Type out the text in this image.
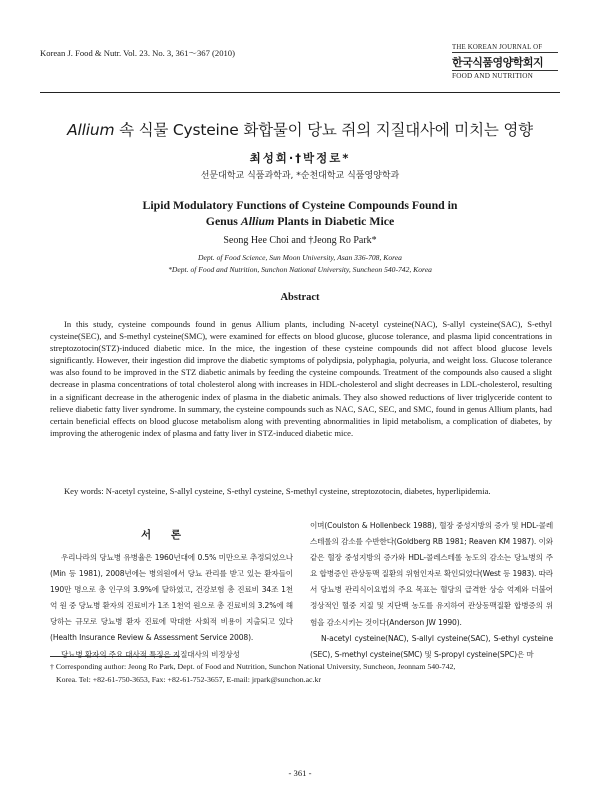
Korean J. Food & Nutr. Vol. 23. No. 3, 361～367 (2010)
THE KOREAN JOURNAL OF
한국식품영양학회지
FOOD AND NUTRITION
Allium 속 식물 Cysteine 화합물이 당뇨 쥐의 지질대사에 미치는 영향
최성희·†박정로*
선문대학교 식품과학과, *순천대학교 식품영양학과
Lipid Modulatory Functions of Cysteine Compounds Found in
Genus Allium Plants in Diabetic Mice
Seong Hee Choi and †Jeong Ro Park*
Dept. of Food Science, Sun Moon University, Asan 336-708, Korea
*Dept. of Food and Nutrition, Sunchon National University, Suncheon 540-742, Korea
Abstract
In this study, cysteine compounds found in genus Allium plants, including N-acetyl cysteine(NAC), S-allyl cysteine(SAC), S-ethyl cysteine(SEC), and S-methyl cysteine(SMC), were examined for effects on blood glucose, glucose tolerance, and plasma lipid concentrations in streptozotocin(STZ)-induced diabetic mice. In the mice, the ingestion of these cysteine compounds did not affect blood glucose levels significantly. However, their ingestion did improve the diabetic symptoms of polydipsia, polyphagia, polyuria, and weight loss. Glucose tolerance was also found to be improved in the STZ diabetic animals by feeding the cysteine compounds. Treatment of the compounds also caused a slight decrease in plasma concentrations of total cholesterol along with increases in HDL-cholesterol and slight decreases in LDL-cholesterol, resulting in a significant decrease in the atherogenic index of plasma in the diabetic animals. They also showed reductions of liver triglyceride content to relieve diabetic fatty liver syndrome. In summary, the cysteine compounds such as NAC, SAC, SEC, and SMC, found in genus Allium plants, had certain beneficial effects on blood glucose metabolism along with preventing abnormalities in lipid metabolism, a complication of diabetes, by improving the atherogenic index of plasma and fatty liver in STZ-induced diabetic mice.
Key words: N-acetyl cysteine, S-allyl cysteine, S-ethyl cysteine, S-methyl cysteine, streptozotocin, diabetes, hyperlipidemia.
서 론

우리나라의 당뇨병 유병율은 1960년대에 0.5% 미만으로 추정되었으나(Min 등 1981), 2008년에는 병의원에서 당뇨 관리를 받고 있는 환자들이 190만 명으로 총 인구의 3.9%에 달하였고, 건강보험 총 진료비 34조 1천억 원 중 당뇨병 환자의 진료비가 1조 1천억 원으로 총 진료비의 3.2%에 해당하는 규모로 당뇨병 환자 진료에 막대한 사회적 비용이 지출되고 있다(Health Insurance Review & Assessment Service 2008).

당뇨병 환자의 주요 대사적 특징은 지질대사의 비정상성

이며(Coulston & Hollenbeck 1988), 혈장 중성지방의 증가 및 HDL-콜레스테롤의 감소를 수반한다(Goldberg RB 1981; Reaven KM 1987). 이와 같은 혈장 중성지방의 증가와 HDL-콜레스테롤 농도의 감소는 당뇨병의 주요 합병증인 관상동맥 질환의 위험인자로 확인되었다(West 등 1983). 따라서 당뇨병 관리식이요법의 주요 목표는 혈당의 급격한 상승 억제와 더불어 정상적인 혈중 지질 및 지단백 농도를 유지하여 관상동맥질환 합병증의 위험을 감소시키는 것이다(Anderson JW 1990).

N-acetyl cysteine(NAC), S-allyl cysteine(SAC), S-ethyl cysteine (SEC), S-methyl cysteine(SMC) 및 S-propyl cysteine(SPC)은 마

† Corresponding author: Jeong Ro Park, Dept. of Food and Nutrition, Sunchon National University, Suncheon, Jeonnam 540-742,
Korea. Tel: +82-61-750-3653, Fax: +82-61-752-3657, E-mail: jrpark@sunchon.ac.kr
- 361 -
